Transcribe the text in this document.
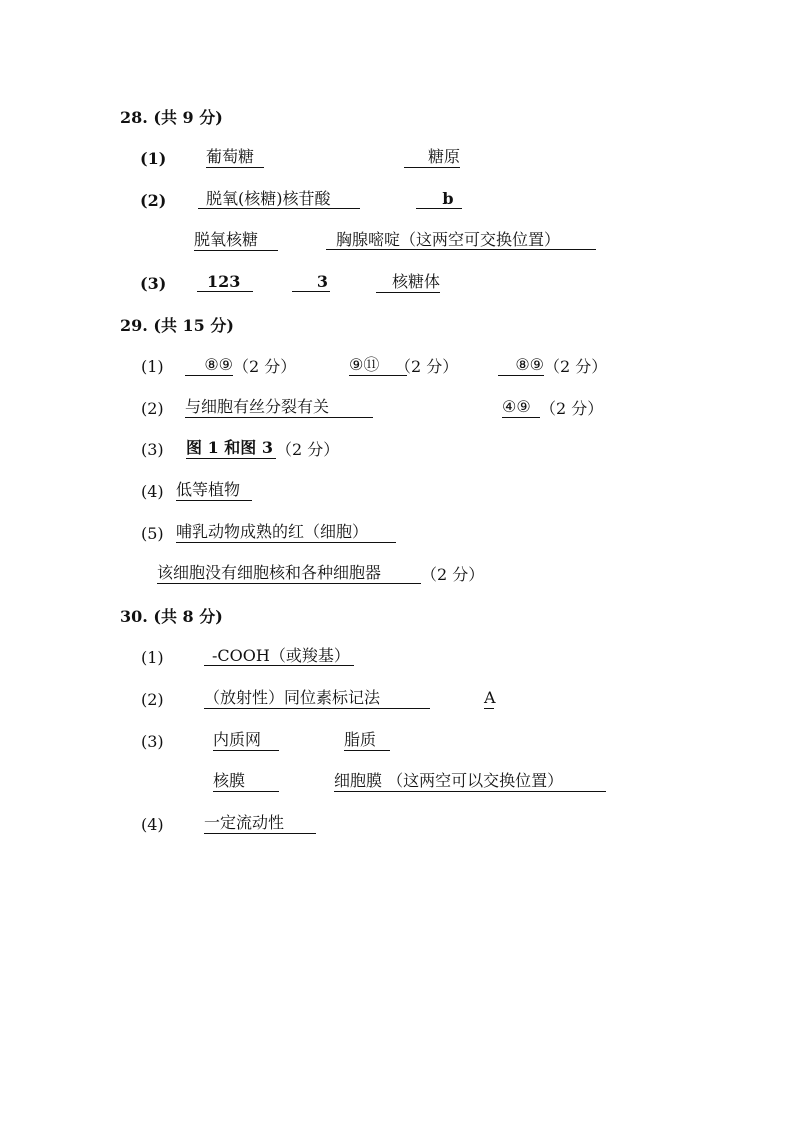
28. (共 9 分)
(1) 葡萄糖	糖原
(2)	脱氧(核糖)核苷酸	b
脱氧核糖	胸腺嘧啶（这两空可交换位置）
(3)	123	3	核糖体
29. (共 15 分)
(1)	⑧⑨ （2 分）	⑨⑪ （2 分）	⑧⑨ （2 分）
(2) 与细胞有丝分裂有关	④⑨ （2 分）
(3) 图 1 和图 3 （2 分）
(4) 低等植物
(5) 哺乳动物成熟的红（细胞）
该细胞没有细胞核和各种细胞器	（2 分）
30. (共 8 分)
(1)	-COOH（或羧基）
(2)	（放射性）同位素标记法	A
(3)	内质网	脂质
核膜	细胞膜 （这两空可以交换位置）
(4)	一定流动性
